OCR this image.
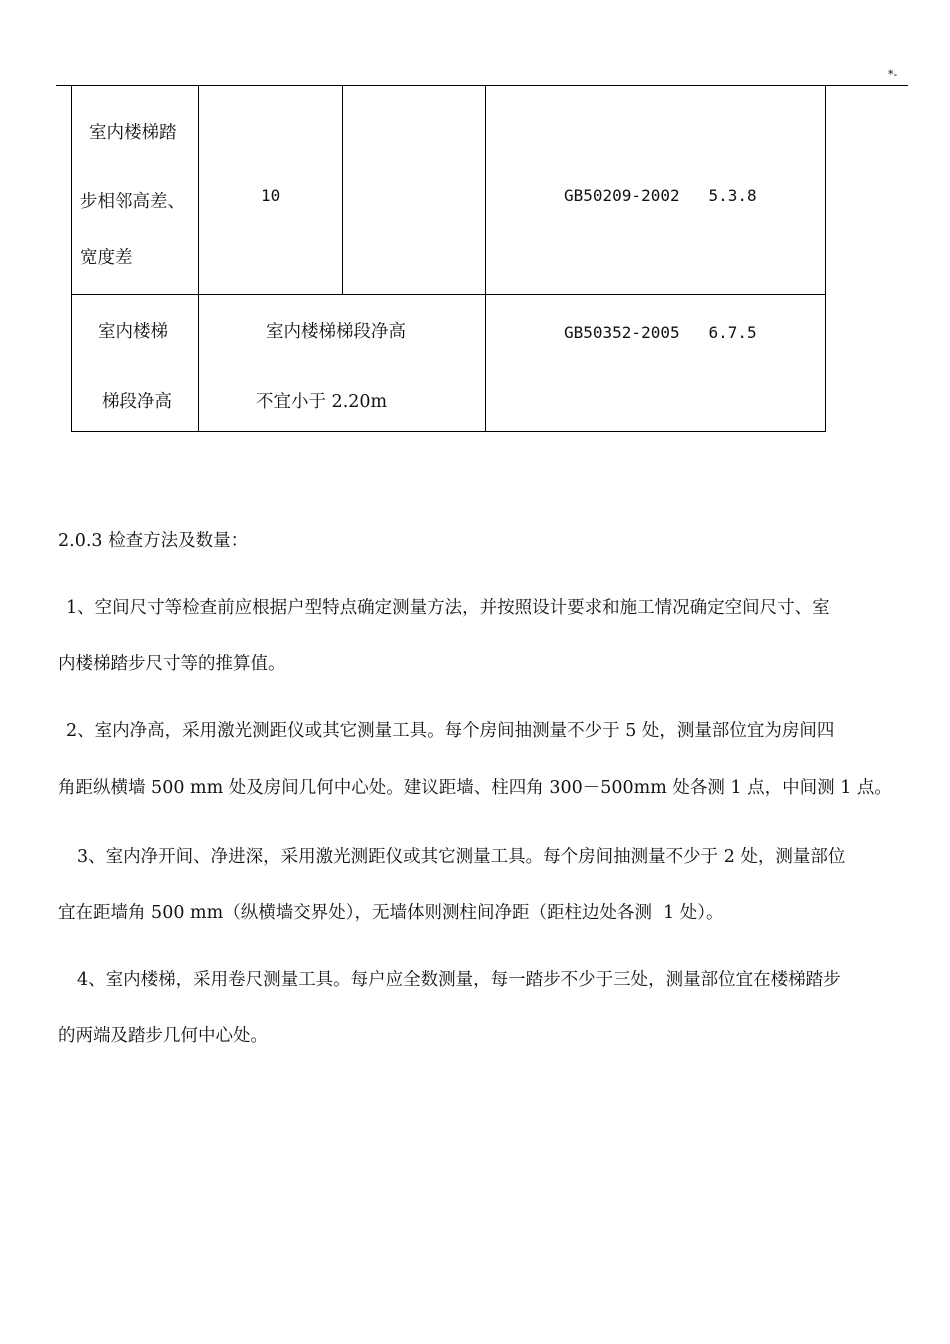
*-
室内楼梯踏
步相邻高差、
宽度差
10	GB50209-2002   5.3.8
室内楼梯
梯段净高
室内楼梯梯段净高
不宜小于 2.20m
GB50352-2005   6.7.5
2.0.3 检查方法及数量：
1、空间尺寸等检查前应根据户型特点确定测量方法，并按照设计要求和施工情况确定空间尺寸、室
内楼梯踏步尺寸等的推算值。
2、室内净高，采用激光测距仪或其它测量工具。每个房间抽测量不少于 5 处，测量部位宜为房间四
角距纵横墙 500 mm 处及房间几何中心处。建议距墙、柱四角 300－500mm 处各测 1 点，中间测 1 点。
3、室内净开间、净进深，采用激光测距仪或其它测量工具。每个房间抽测量不少于 2 处，测量部位
宜在距墙角 500 mm（纵横墙交界处），无墙体则测柱间净距（距柱边处各测  1 处）。
4、室内楼梯，采用卷尺测量工具。每户应全数测量，每一踏步不少于三处，测量部位宜在楼梯踏步
的两端及踏步几何中心处。
